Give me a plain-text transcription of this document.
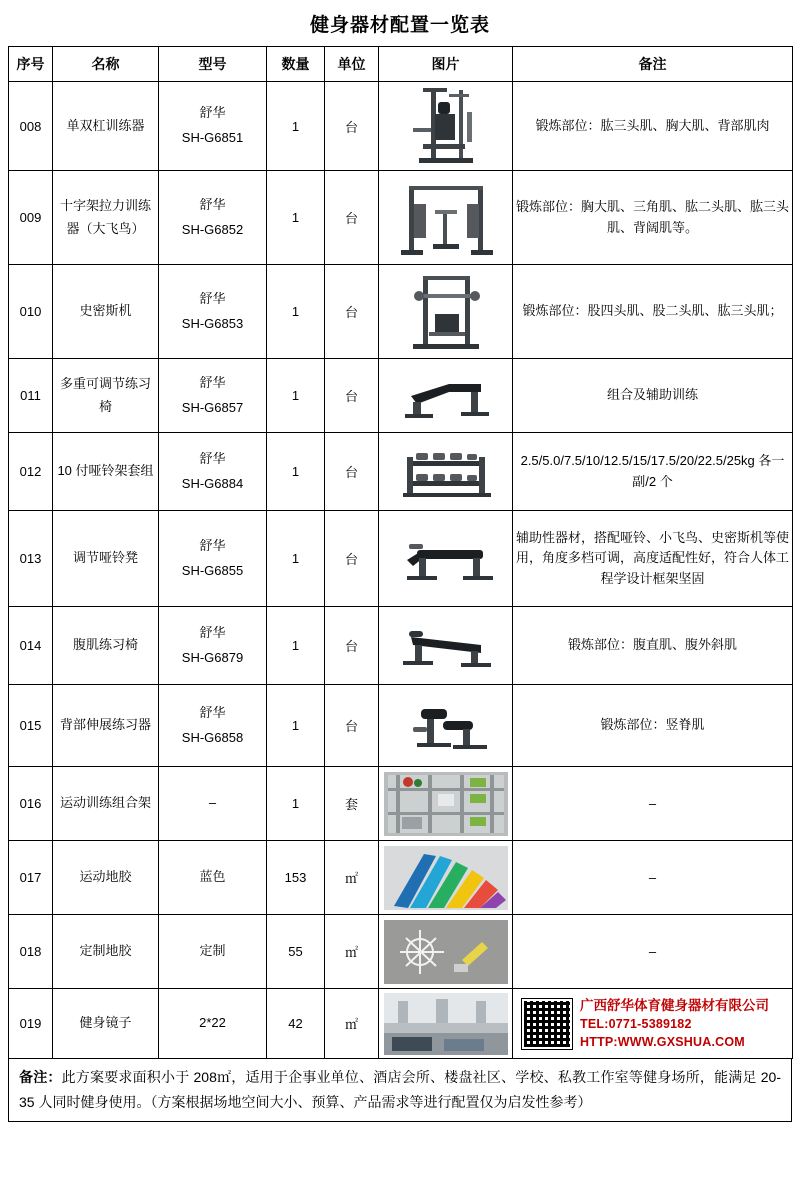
健身器材配置一览表
序号	名称	型号	数量	单位	图片	备注
008	单双杠训练器	舒华
SH-G6851	1	台		锻炼部位：肱三头肌、胸大肌、背部肌肉
009	十字架拉力训练器（大飞鸟）	舒华
SH-G6852	1	台		锻炼部位：胸大肌、三角肌、肱二头肌、肱三头肌、背阔肌等。
010	史密斯机	舒华
SH-G6853	1	台		锻炼部位：股四头肌、股二头肌、肱三头肌；
011	多重可调节练习椅	舒华
SH-G6857	1	台		组合及辅助训练
012	10 付哑铃架套组	舒华
SH-G6884	1	台		2.5/5.0/7.5/10/12.5/15/17.5/20/22.5/25kg 各一副/2 个
013	调节哑铃凳	舒华
SH-G6855	1	台		辅助性器材，搭配哑铃、小飞鸟、史密斯机等使用，角度多档可调，高度适配性好，符合人体工程学设计框架坚固
014	腹肌练习椅	舒华
SH-G6879	1	台		锻炼部位：腹直肌、腹外斜肌
015	背部伸展练习器	舒华
SH-G6858	1	台		锻炼部位：竖脊肌
016	运动训练组合架	–	1	套		–
017	运动地胶	蓝色	153	㎡		–
018	定制地胶	定制	55	㎡		–
019	健身镜子	2*22	42	㎡		广西舒华体育健身器材有限公司
TEL:0771-5389182
HTTP:WWW.GXSHUA.COM
备注：此方案要求面积小于 208㎡，适用于企事业单位、酒店会所、楼盘社区、学校、私教工作室等健身场所，能满足 20-35 人同时健身使用。（方案根据场地空间大小、预算、产品需求等进行配置仅为启发性参考）
